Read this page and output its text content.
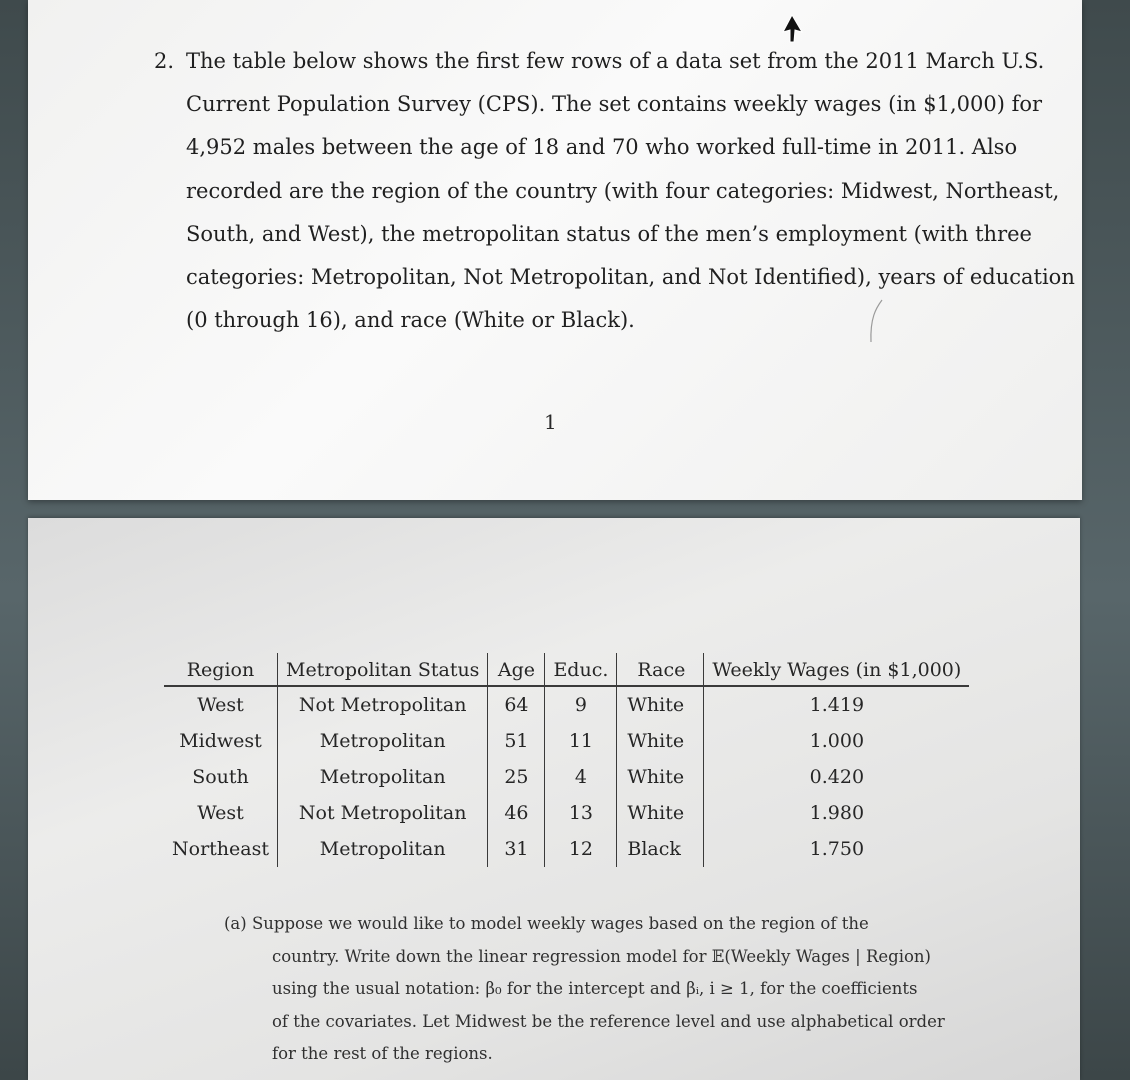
2. The table below shows the first few rows of a data set from the 2011 March U.S.
Current Population Survey (CPS). The set contains weekly wages (in $1,000) for
4,952 males between the age of 18 and 70 who worked full-time in 2011. Also
recorded are the region of the country (with four categories: Midwest, Northeast,
South, and West), the metropolitan status of the men’s employment (with three
categories: Metropolitan, Not Metropolitan, and Not Identified), years of education
(0 through 16), and race (White or Black).
1
Region	Metropolitan Status	Age	Educ.	Race	Weekly Wages (in $1,000)
West	Not Metropolitan	64	9	White	1.419
Midwest	Metropolitan	51	11	White	1.000
South	Metropolitan	25	4	White	0.420
West	Not Metropolitan	46	13	White	1.980
Northeast	Metropolitan	31	12	Black	1.750
(a) Suppose we would like to model weekly wages based on the region of the
country. Write down the linear regression model for 𝔼(Weekly Wages | Region)
using the usual notation: β₀ for the intercept and βᵢ, i ≥ 1, for the coefficients
of the covariates. Let Midwest be the reference level and use alphabetical order
for the rest of the regions.
